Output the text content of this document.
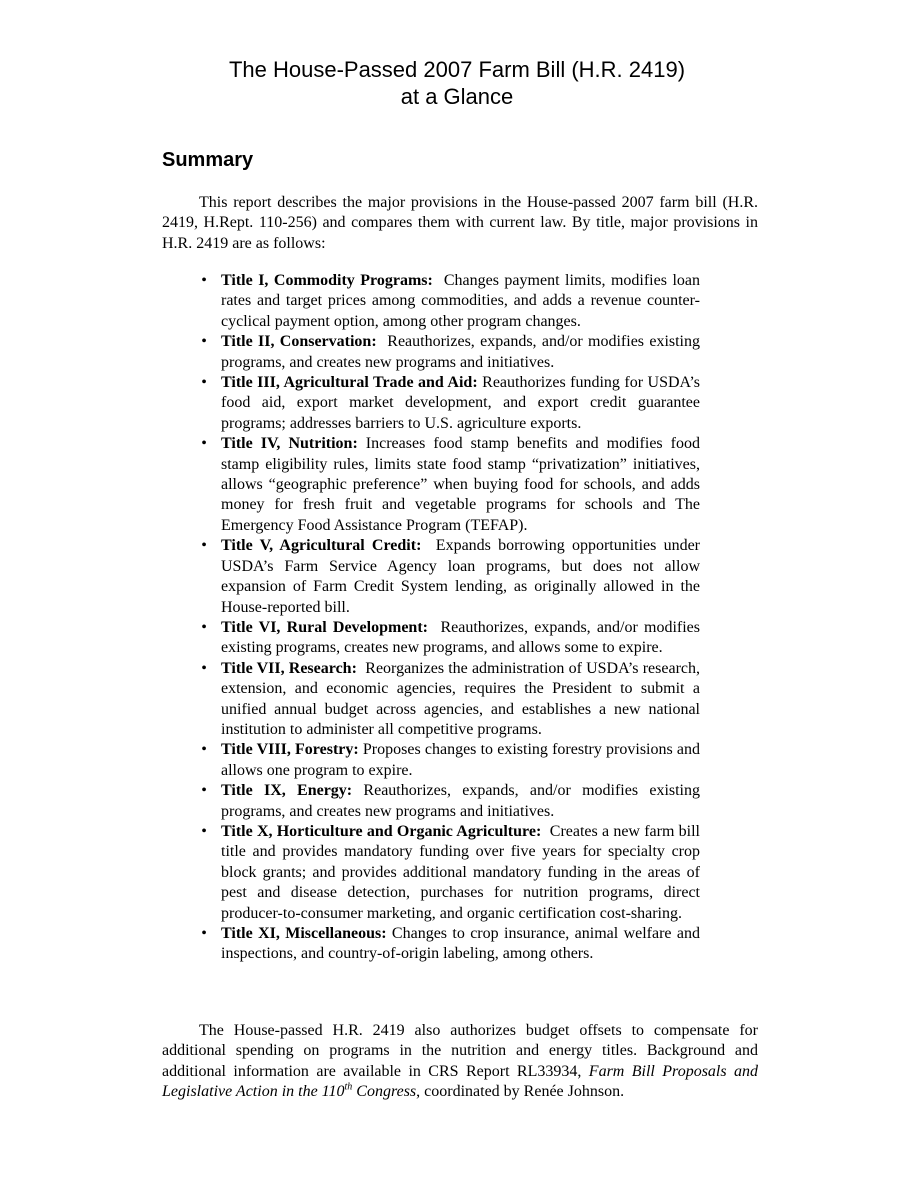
The House-Passed 2007 Farm Bill (H.R. 2419)
at a Glance
Summary

This report describes the major provisions in the House-passed 2007 farm bill (H.R. 2419, H.Rept. 110-256) and compares them with current law. By title, major provisions in H.R. 2419 are as follows:

• Title I, Commodity Programs: Changes payment limits, modifies loan rates and target prices among commodities, and adds a revenue counter-cyclical payment option, among other program changes.
• Title II, Conservation: Reauthorizes, expands, and/or modifies existing programs, and creates new programs and initiatives.
• Title III, Agricultural Trade and Aid: Reauthorizes funding for USDA’s food aid, export market development, and export credit guarantee programs; addresses barriers to U.S. agriculture exports.
• Title IV, Nutrition: Increases food stamp benefits and modifies food stamp eligibility rules, limits state food stamp “privatization” initiatives, allows “geographic preference” when buying food for schools, and adds money for fresh fruit and vegetable programs for schools and The Emergency Food Assistance Program (TEFAP).
• Title V, Agricultural Credit: Expands borrowing opportunities under USDA’s Farm Service Agency loan programs, but does not allow expansion of Farm Credit System lending, as originally allowed in the House-reported bill.
• Title VI, Rural Development: Reauthorizes, expands, and/or modifies existing programs, creates new programs, and allows some to expire.
• Title VII, Research: Reorganizes the administration of USDA’s research, extension, and economic agencies, requires the President to submit a unified annual budget across agencies, and establishes a new national institution to administer all competitive programs.
• Title VIII, Forestry: Proposes changes to existing forestry provisions and allows one program to expire.
• Title IX, Energy: Reauthorizes, expands, and/or modifies existing programs, and creates new programs and initiatives.
• Title X, Horticulture and Organic Agriculture: Creates a new farm bill title and provides mandatory funding over five years for specialty crop block grants; and provides additional mandatory funding in the areas of pest and disease detection, purchases for nutrition programs, direct producer-to-consumer marketing, and organic certification cost-sharing.
• Title XI, Miscellaneous: Changes to crop insurance, animal welfare and inspections, and country-of-origin labeling, among others.

The House-passed H.R. 2419 also authorizes budget offsets to compensate for additional spending on programs in the nutrition and energy titles. Background and additional information are available in CRS Report RL33934, Farm Bill Proposals and Legislative Action in the 110th Congress, coordinated by Renée Johnson.
